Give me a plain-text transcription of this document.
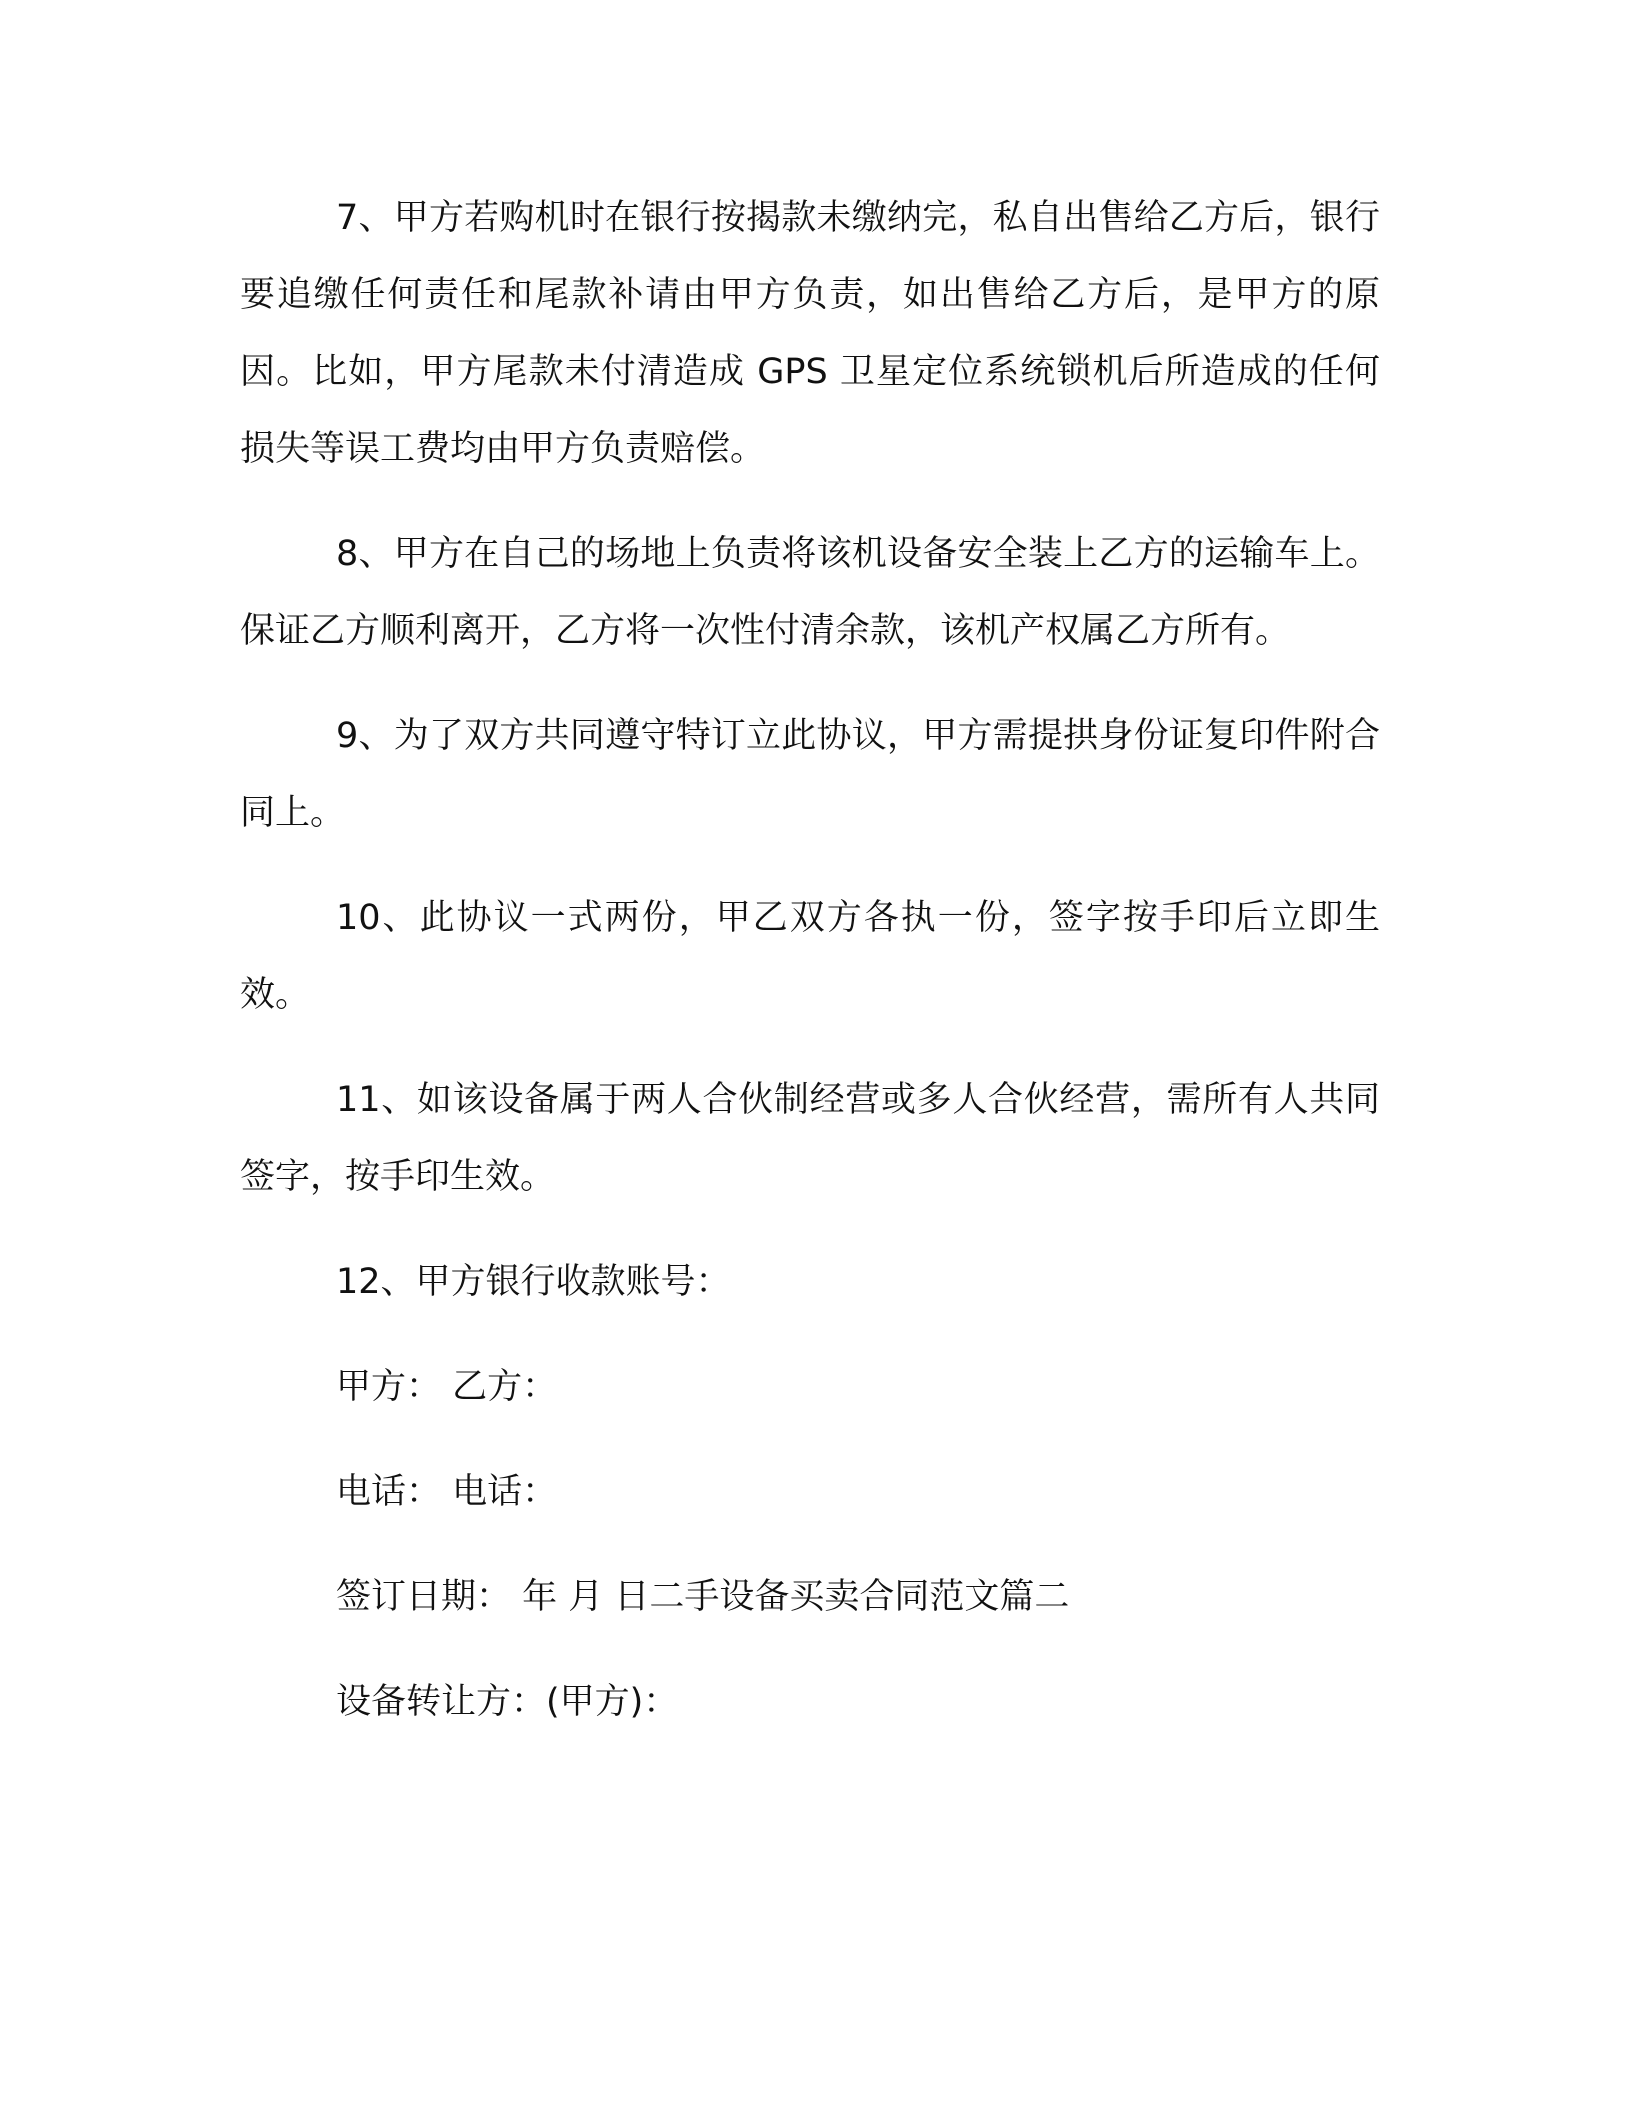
7、甲方若购机时在银行按揭款未缴纳完，私自出售给乙方后，银行要追缴任何责任和尾款补请由甲方负责，如出售给乙方后，是甲方的原因。比如，甲方尾款未付清造成 GPS 卫星定位系统锁机后所造成的任何损失等误工费均由甲方负责赔偿。

8、甲方在自己的场地上负责将该机设备安全装上乙方的运输车上。保证乙方顺利离开，乙方将一次性付清余款，该机产权属乙方所有。

9、为了双方共同遵守特订立此协议，甲方需提拱身份证复印件附合同上。

10、此协议一式两份，甲乙双方各执一份，签字按手印后立即生效。

11、如该设备属于两人合伙制经营或多人合伙经营，需所有人共同签字，按手印生效。

12、甲方银行收款账号：

甲方： 乙方：

电话： 电话：

签订日期： 年 月 日二手设备买卖合同范文篇二

设备转让方：(甲方)：
